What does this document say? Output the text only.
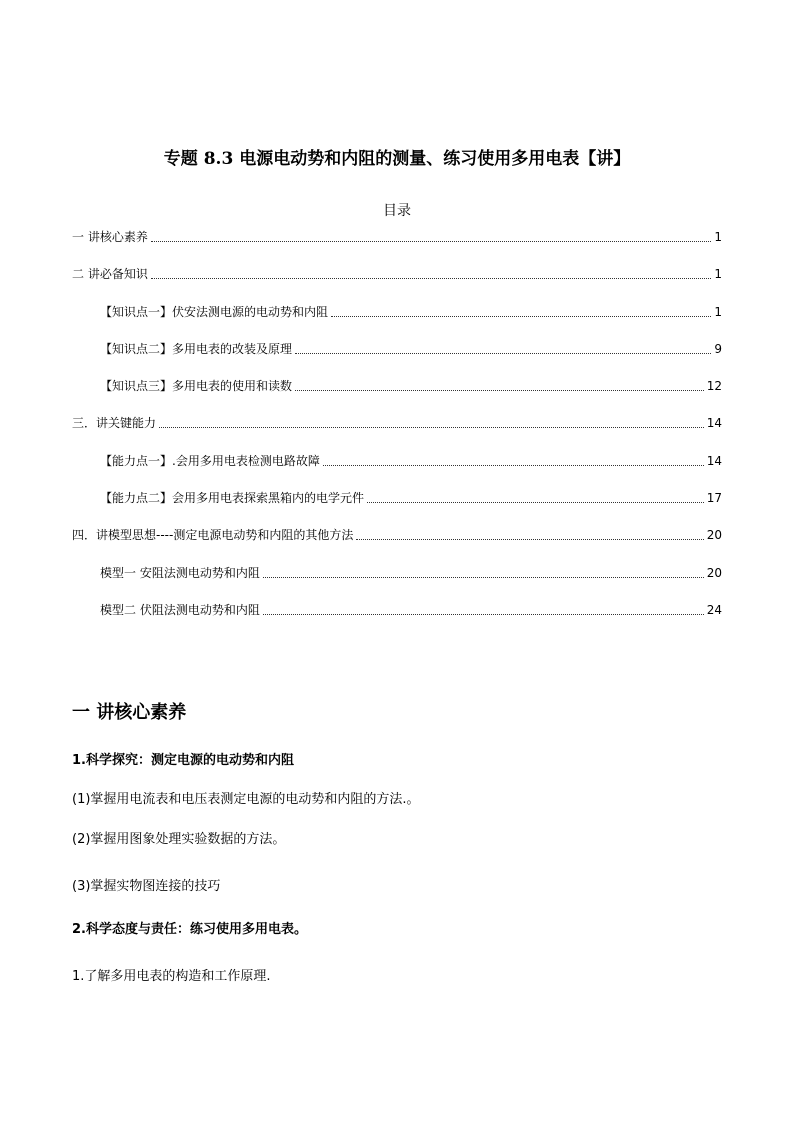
专题 8.3 电源电动势和内阻的测量、练习使用多用电表【讲】
目录
一 讲核心素养	1
二 讲必备知识	1
【知识点一】伏安法测电源的电动势和内阻	1
【知识点二】多用电表的改装及原理	9
【知识点三】多用电表的使用和读数	12
三．讲关键能力	14
【能力点一】.会用多用电表检测电路故障	14
【能力点二】会用多用电表探索黑箱内的电学元件	17
四．讲模型思想----测定电源电动势和内阻的其他方法	20
模型一 安阻法测电动势和内阻	20
模型二 伏阻法测电动势和内阻	24
一 讲核心素养
1.科学探究：测定电源的电动势和内阻
(1)掌握用电流表和电压表测定电源的电动势和内阻的方法.。
(2)掌握用图象处理实验数据的方法。
(3)掌握实物图连接的技巧
2.科学态度与责任：练习使用多用电表。
1.了解多用电表的构造和工作原理.
